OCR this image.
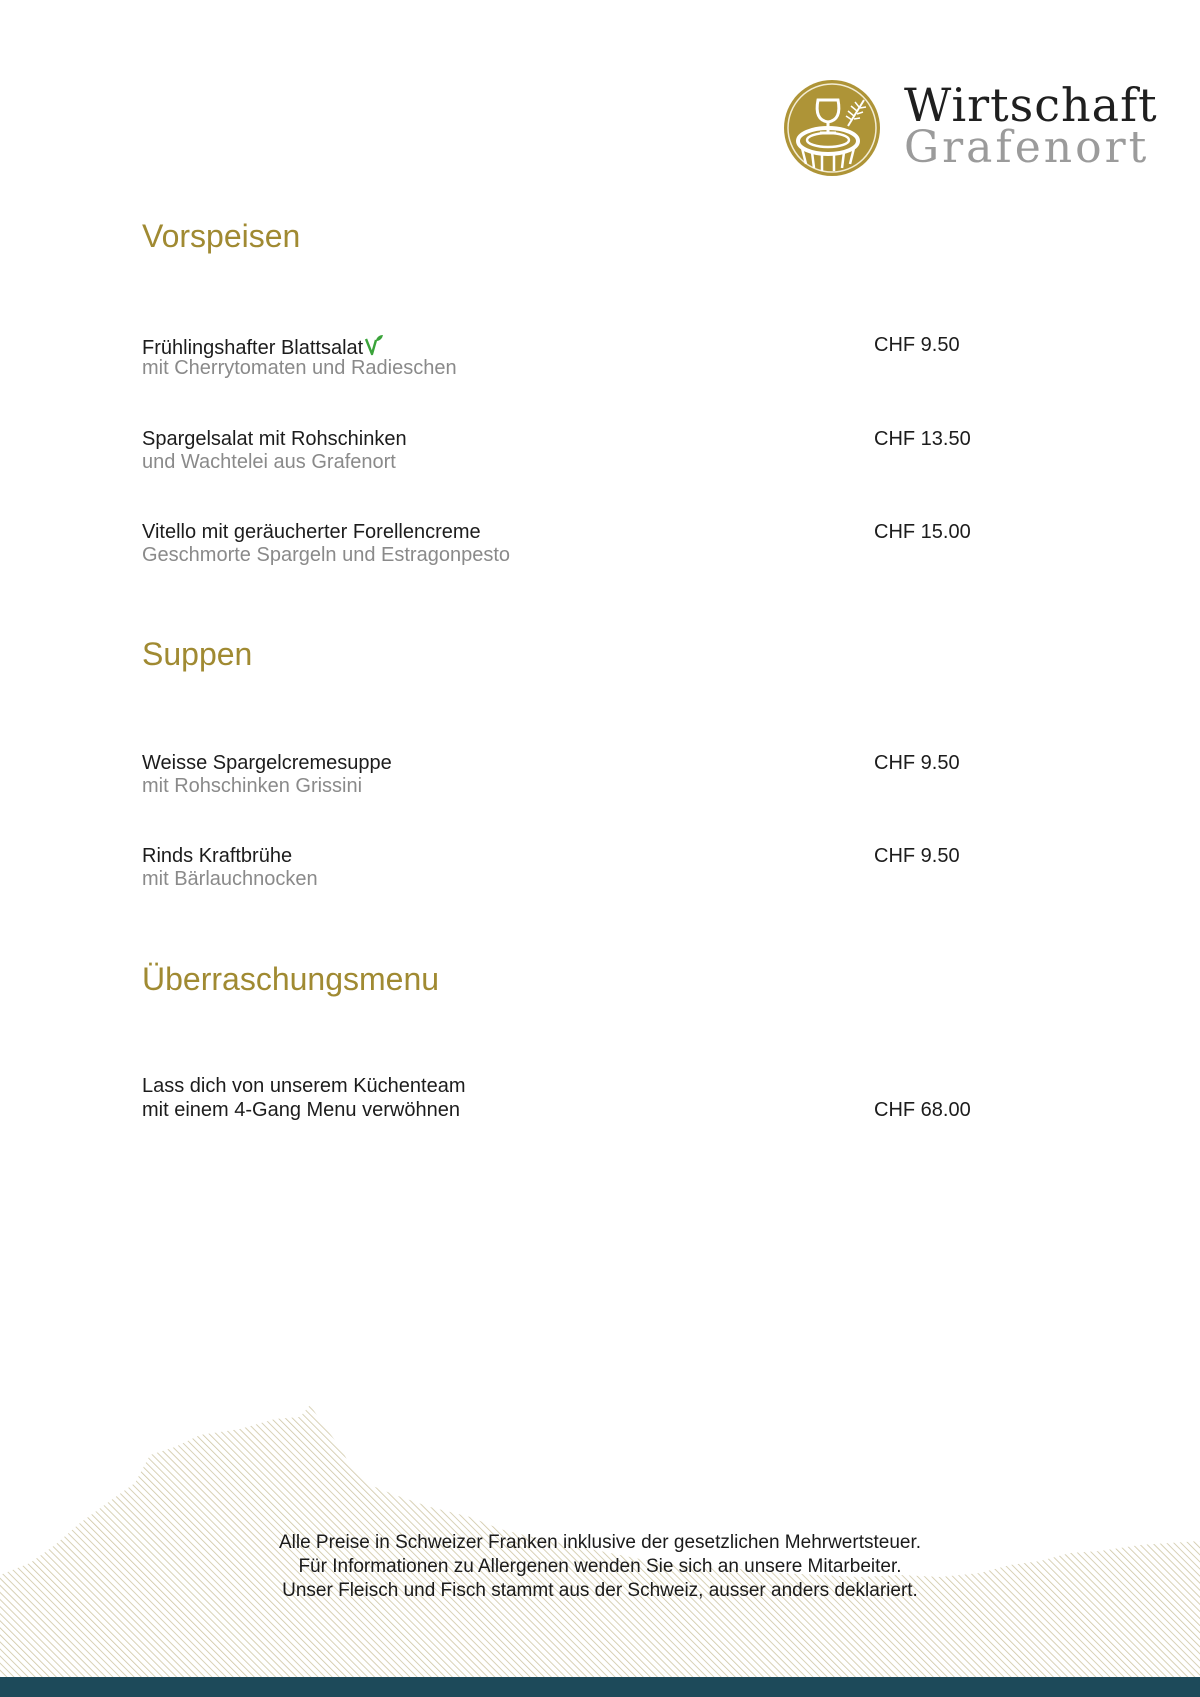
Wirtschaft

Grafenort

Vorspeisen

Frühlingshafter Blattsalat

mit Cherrytomaten und Radieschen

CHF 9.50

Spargelsalat mit Rohschinken

und Wachtelei aus Grafenort

CHF 13.50

Vitello mit geräucherter Forellencreme

Geschmorte Spargeln und Estragonpesto

CHF 15.00

Suppen

Weisse Spargelcremesuppe

mit Rohschinken Grissini

CHF 9.50

Rinds Kraftbrühe

mit Bärlauchnocken

CHF 9.50

Überraschungsmenu

Lass dich von unserem Küchenteam

mit einem 4-Gang Menu verwöhnen	CHF 68.00

Alle Preise in Schweizer Franken inklusive der gesetzlichen Mehrwertsteuer.

Für Informationen zu Allergenen wenden Sie sich an unsere Mitarbeiter.

Unser Fleisch und Fisch stammt aus der Schweiz, ausser anders deklariert.
